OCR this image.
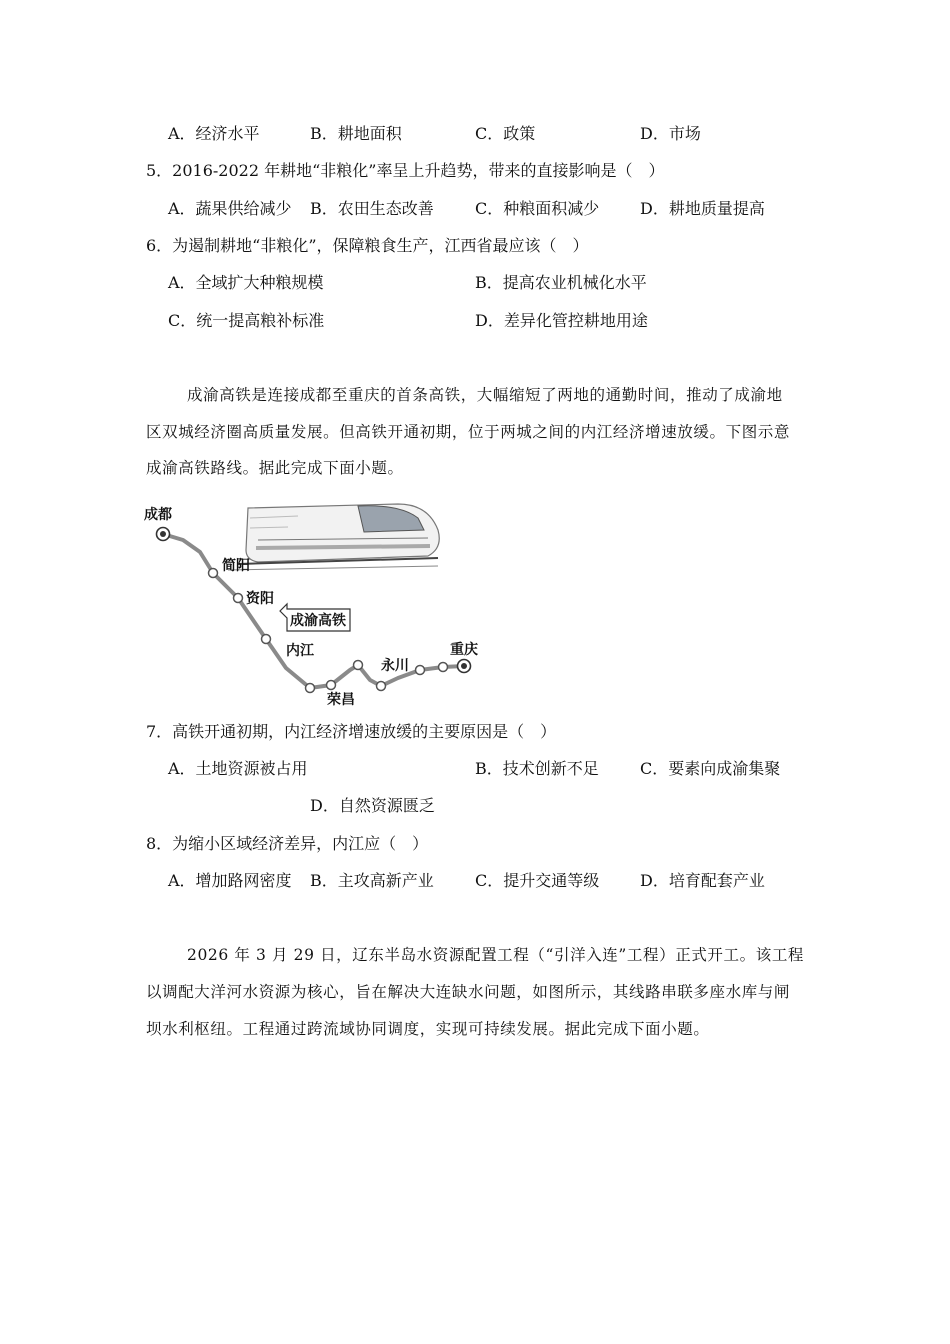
A．经济水平	B．耕地面积	C．政策	D．市场
5．2016-2022 年耕地“非粮化”率呈上升趋势，带来的直接影响是（　）
A．蔬果供给减少 B．农田生态改善	C．种粮面积减少	D．耕地质量提高
6．为遏制耕地“非粮化”，保障粮食生产，江西省最应该（　）
A．全域扩大种粮规模	B．提高农业机械化水平
C．统一提高粮补标准	D．差异化管控耕地用途
成渝高铁是连接成都至重庆的首条高铁，大幅缩短了两地的通勤时间，推动了成渝地
区双城经济圈高质量发展。但高铁开通初期，位于两城之间的内江经济增速放缓。下图示意
成渝高铁路线。据此完成下面小题。
成渝高铁
成都
简阳
资阳
内江
荣昌
永川
重庆
7．高铁开通初期，内江经济增速放缓的主要原因是（　）
A．土地资源被占用	B．技术创新不足	C．要素向成渝集聚
D．自然资源匮乏
8．为缩小区域经济差异，内江应（　）
A．增加路网密度 B．主攻高新产业	C．提升交通等级	D．培育配套产业
2026 年 3 月 29 日，辽东半岛水资源配置工程（“引洋入连”工程）正式开工。该工程
以调配大洋河水资源为核心，旨在解决大连缺水问题，如图所示，其线路串联多座水库与闸
坝水利枢纽。工程通过跨流域协同调度，实现可持续发展。据此完成下面小题。
